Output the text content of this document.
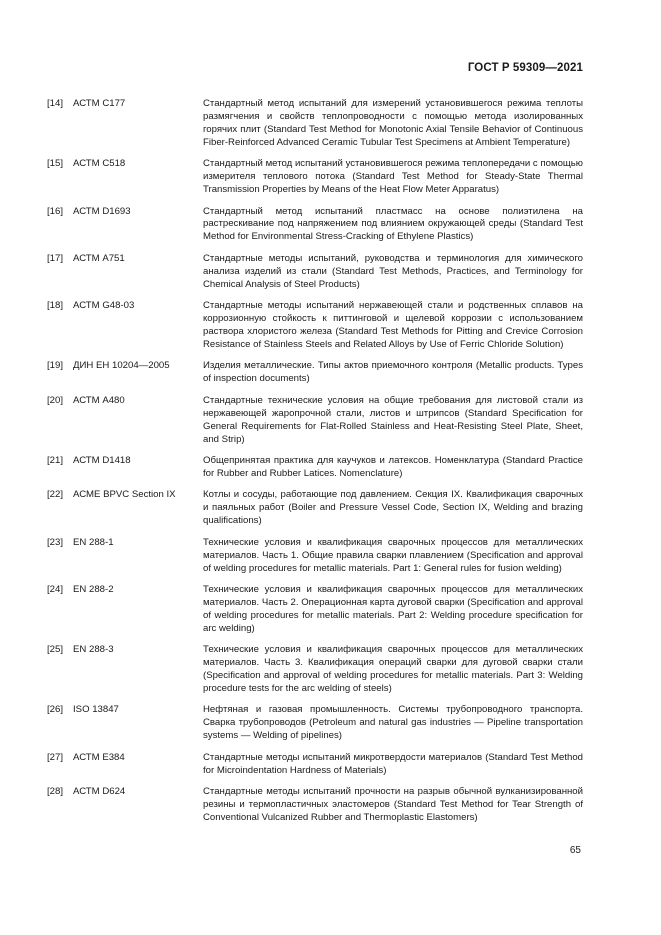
ГОСТ Р 59309—2021
[14]	АСТМ C177	Стандартный метод испытаний для измерений установившегося режима теплоты размягчения и свойств теплопроводности с помощью метода изолированных горячих плит (Standard Test Method for Monotonic Axial Tensile Behavior of Continuous Fiber-Reinforced Advanced Ceramic Tubular Test Specimens at Ambient Temperature)
[15]	АСТМ C518	Стандартный метод испытаний установившегося режима теплопередачи с помощью измерителя теплового потока (Standard Test Method for Steady-State Thermal Transmission Properties by Means of the Heat Flow Meter Apparatus)
[16]	АСТМ D1693	Стандартный метод испытаний пластмасс на основе полиэтилена на растрескивание под напряжением под влиянием окружающей среды (Standard Test Method for Environmental Stress-Cracking of Ethylene Plastics)
[17]	АСТМ A751	Стандартные методы испытаний, руководства и терминология для химического анализа изделий из стали (Standard Test Methods, Practices, and Terminology for Chemical Analysis of Steel Products)
[18]	АСТМ G48-03	Стандартные методы испытаний нержавеющей стали и родственных сплавов на коррозионную стойкость к питтинговой и щелевой коррозии с использованием раствора хлористого железа (Standard Test Methods for Pitting and Crevice Corrosion Resistance of Stainless Steels and Related Alloys by Use of Ferric Chloride Solution)
[19]	ДИН ЕН 10204—2005	Изделия металлические. Типы актов приемочного контроля (Metallic products. Types of inspection documents)
[20]	АСТМ A480	Стандартные технические условия на общие требования для листовой стали из нержавеющей жаропрочной стали, листов и штрипсов (Standard Specification for General Requirements for Flat-Rolled Stainless and Heat-Resisting Steel Plate, Sheet, and Strip)
[21]	АСТМ D1418	Общепринятая практика для каучуков и латексов. Номенклатура (Standard Practice for Rubber and Rubber Latices. Nomenclature)
[22]	АСМЕ BPVC Section IX	Котлы и сосуды, работающие под давлением. Секция IX. Квалификация сварочных и паяльных работ (Boiler and Pressure Vessel Code, Section IX, Welding and brazing qualifications)
[23]	EN 288-1	Технические условия и квалификация сварочных процессов для металлических материалов. Часть 1. Общие правила сварки плавлением (Specification and approval of welding procedures for metallic materials. Part 1: General rules for fusion welding)
[24]	EN 288-2	Технические условия и квалификация сварочных процессов для металлических материалов. Часть 2. Операционная карта дуговой сварки (Specification and approval of welding procedures for metallic materials. Part 2: Welding procedure specification for arc welding)
[25]	EN 288-3	Технические условия и квалификация сварочных процессов для металлических материалов. Часть 3. Квалификация операций сварки для дуговой сварки стали (Specification and approval of welding procedures for metallic materials. Part 3: Welding procedure tests for the arc welding of steels)
[26]	ISO 13847	Нефтяная и газовая промышленность. Системы трубопроводного транспорта. Сварка трубопроводов (Petroleum and natural gas industries — Pipeline transportation systems — Welding of pipelines)
[27]	АСТМ E384	Стандартные методы испытаний микротвердости материалов (Standard Test Method for Microindentation Hardness of Materials)
[28]	АСТМ D624	Стандартные методы испытаний прочности на разрыв обычной вулканизированной резины и термопластичных эластомеров (Standard Test Method for Tear Strength of Conventional Vulcanized Rubber and Thermoplastic Elastomers)
65
